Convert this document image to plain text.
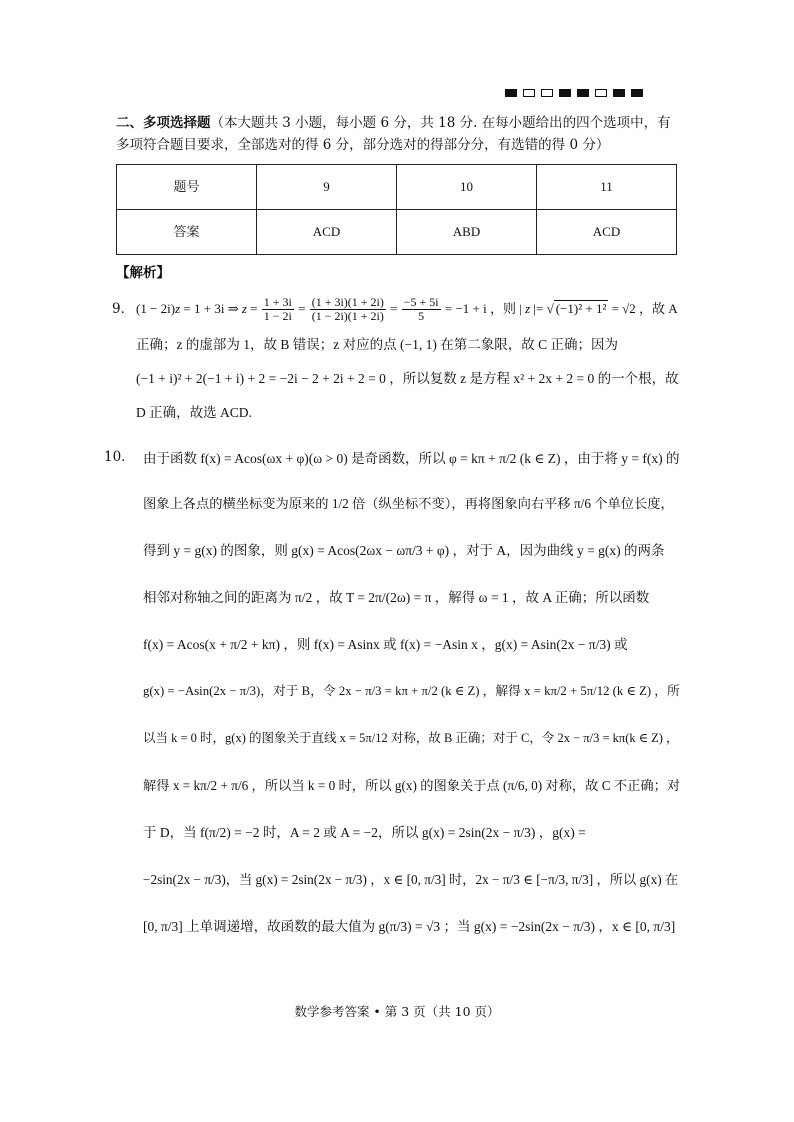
二、多项选择题（本大题共 3 小题，每小题 6 分，共 18 分. 在每小题给出的四个选项中，有多项符合题目要求，全部选对的得 6 分，部分选对的得部分分，有选错的得 0 分）

题号	9	10	11
答案	ACD	ABD	ACD
【解析】
9． (1 − 2i)z = 1 + 3i ⇒ $z = \frac{1 + 3i}{1 - 2i} = \frac{(1 + 3i)(1 + 2i)}{(1 - 2i)(1 + 2i)} = \frac{-5 + 5i}{5} = -1 + i$ ，则 | z |= √ (−1)² + 1² = √2 ，故 A
正确；z 的虚部为 1，故 B 错误；z 对应的点 (−1, 1) 在第二象限，故 C 正确；因为
(−1 + i)² + 2(−1 + i) + 2 = −2i − 2 + 2i + 2 = 0 ，所以复数 z 是方程 x² + 2x + 2 = 0 的一个根，故
D 正确，故选 ACD.
10． 由于函数 f(x) = Acos(ωx + φ)(ω > 0) 是奇函数，所以 φ = kπ + π/2 (k ∈ Z) ，由于将 y = f(x) 的
图象上各点的横坐标变为原来的 1/2 倍（纵坐标不变），再将图象向右平移 π/6 个单位长度，
得到 y = g(x) 的图象，则 g(x) = Acos(2ωx − ωπ/3 + φ) ，对于 A，因为曲线 y = g(x) 的两条
相邻对称轴之间的距离为 π/2 ，故 T = 2π/(2ω) = π ，解得 ω = 1 ，故 A 正确；所以函数
f(x) = Acos(x + π/2 + kπ) ，则 f(x) = Asinx 或 f(x) = −Asin x ，g(x) = Asin(2x − π/3) 或
g(x) = −Asin(2x − π/3)，对于 B，令 2x − π/3 = kπ + π/2 (k ∈ Z) ，解得 x = kπ/2 + 5π/12 (k ∈ Z) ，所
以当 k = 0 时，g(x) 的图象关于直线 x = 5π/12 对称，故 B 正确；对于 C，令 2x − π/3 = kπ(k ∈ Z) ，
解得 x = kπ/2 + π/6 ，所以当 k = 0 时，所以 g(x) 的图象关于点 (π/6, 0) 对称，故 C 不正确；对
于 D，当 f(π/2) = −2 时，A = 2 或 A = −2，所以 g(x) = 2sin(2x − π/3) ，g(x) =
−2sin(2x − π/3)，当 g(x) = 2sin(2x − π/3) ，x ∈ [0, π/3] 时，2x − π/3 ∈ [−π/3, π/3] ，所以 g(x) 在
[0, π/3] 上单调递增，故函数的最大值为 g(π/3) = √3 ；当 g(x) = −2sin(2x − π/3) ，x ∈ [0, π/3]
数学参考答案 • 第 3 页（共 10 页）
